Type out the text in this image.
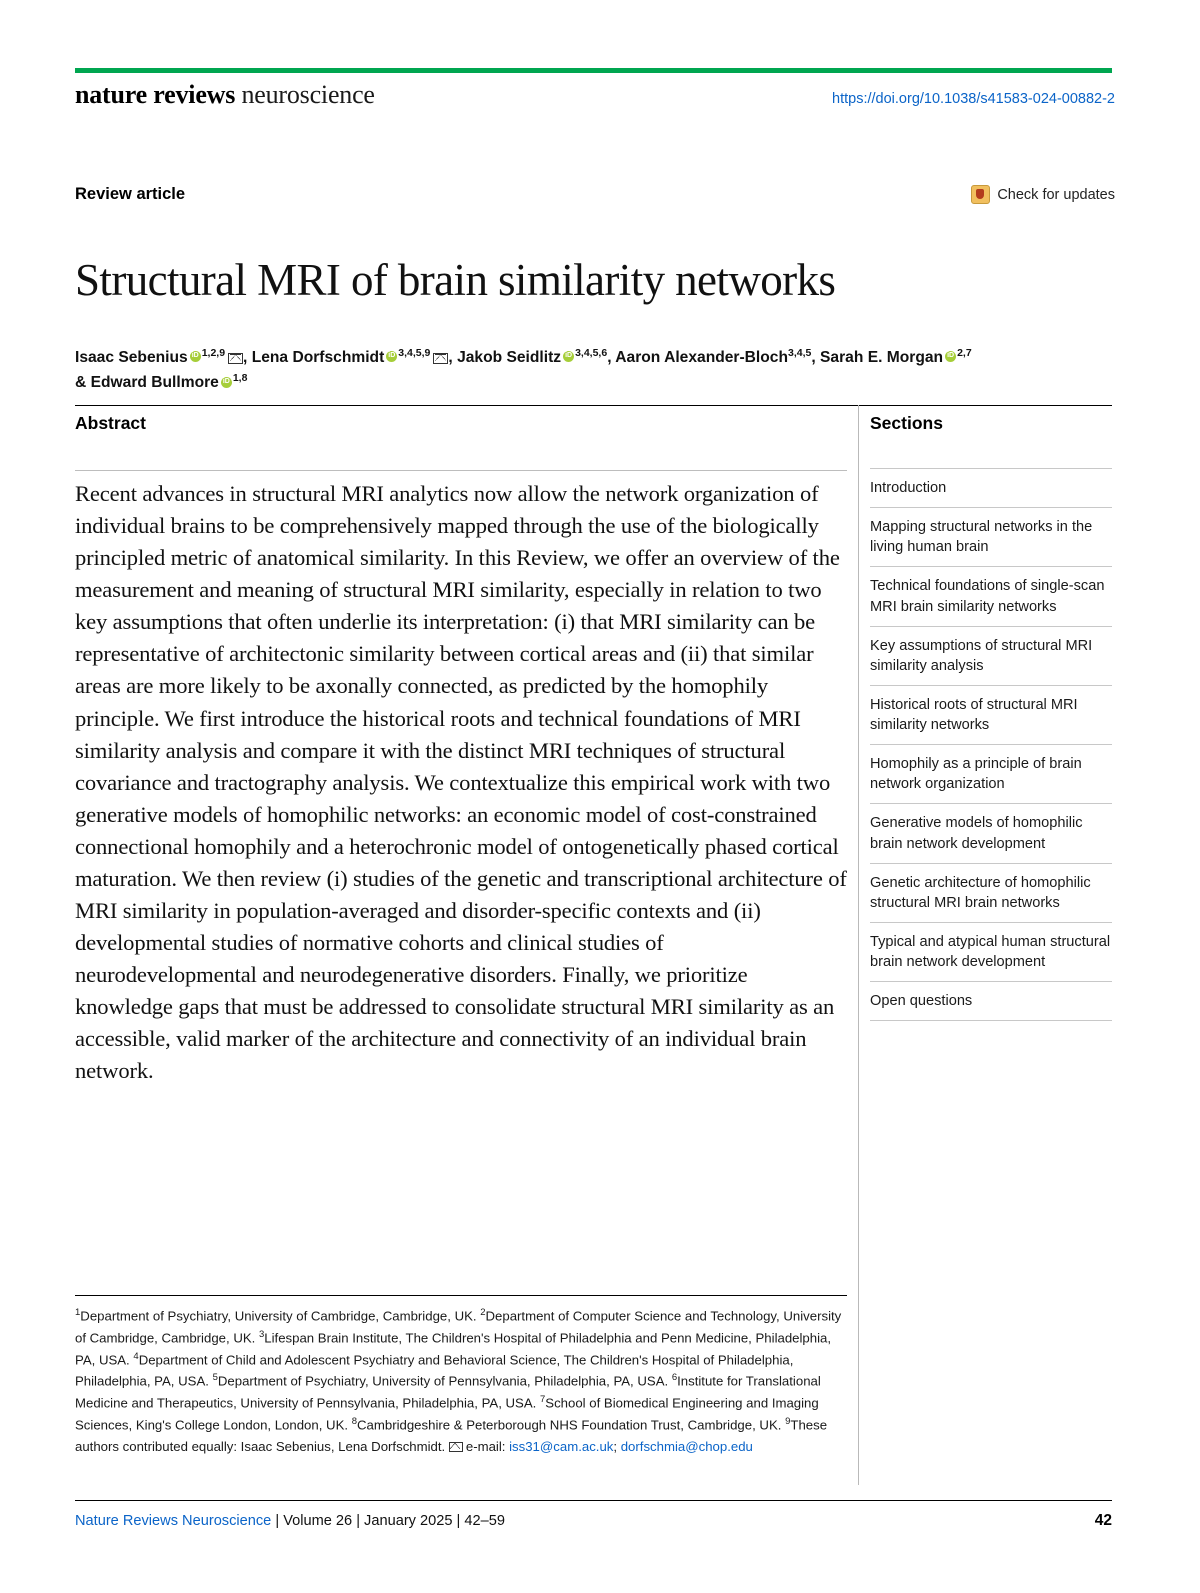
nature reviews neuroscience	https://doi.org/10.1038/s41583-024-00882-2
Review article	Check for updates
Structural MRI of brain similarity networks
Isaac Sebenius iD $^{1,2,9}$ , Lena Dorfschmidt iD $^{3,4,5,9}$ , Jakob Seidlitz iD $^{3,4,5,6}$, Aaron Alexander-Bloch$^{3,4,5}$, Sarah E. Morgan iD $^{2,7}$
& Edward Bullmore iD $^{1,8}$
Abstract
Recent advances in structural MRI analytics now allow the network organization of individual brains to be comprehensively mapped through the use of the biologically principled metric of anatomical similarity. In this Review, we offer an overview of the measurement and meaning of structural MRI similarity, especially in relation to two key assumptions that often underlie its interpretation: (i) that MRI similarity can be representative of architectonic similarity between cortical areas and (ii) that similar areas are more likely to be axonally connected, as predicted by the homophily principle. We first introduce the historical roots and technical foundations of MRI similarity analysis and compare it with the distinct MRI techniques of structural covariance and tractography analysis. We contextualize this empirical work with two generative models of homophilic networks: an economic model of cost-constrained connectional homophily and a heterochronic model of ontogenetically phased cortical maturation. We then review (i) studies of the genetic and transcriptional architecture of MRI similarity in population-averaged and disorder-specific contexts and (ii) developmental studies of normative cohorts and clinical studies of neurodevelopmental and neurodegenerative disorders. Finally, we prioritize knowledge gaps that must be addressed to consolidate structural MRI similarity as an accessible, valid marker of the architecture and connectivity of an individual brain network.
Sections
Introduction
Mapping structural networks in the living human brain
Technical foundations of single-scan MRI brain similarity networks
Key assumptions of structural MRI similarity analysis
Historical roots of structural MRI similarity networks
Homophily as a principle of brain network organization
Generative models of homophilic brain network development
Genetic architecture of homophilic structural MRI brain networks
Typical and atypical human structural brain network development
Open questions
$^1$Department of Psychiatry, University of Cambridge, Cambridge, UK. $^2$Department of Computer Science and Technology, University of Cambridge, Cambridge, UK. $^3$Lifespan Brain Institute, The Children's Hospital of Philadelphia and Penn Medicine, Philadelphia, PA, USA. $^4$Department of Child and Adolescent Psychiatry and Behavioral Science, The Children's Hospital of Philadelphia, Philadelphia, PA, USA. $^5$Department of Psychiatry, University of Pennsylvania, Philadelphia, PA, USA. $^6$Institute for Translational Medicine and Therapeutics, University of Pennsylvania, Philadelphia, PA, USA. $^7$School of Biomedical Engineering and Imaging Sciences, King's College London, London, UK. $^8$Cambridgeshire & Peterborough NHS Foundation Trust, Cambridge, UK. $^9$These authors contributed equally: Isaac Sebenius, Lena Dorfschmidt. e-mail: iss31@cam.ac.uk; dorfschmia@chop.edu
Nature Reviews Neuroscience | Volume 26 | January 2025 | 42–59	42
